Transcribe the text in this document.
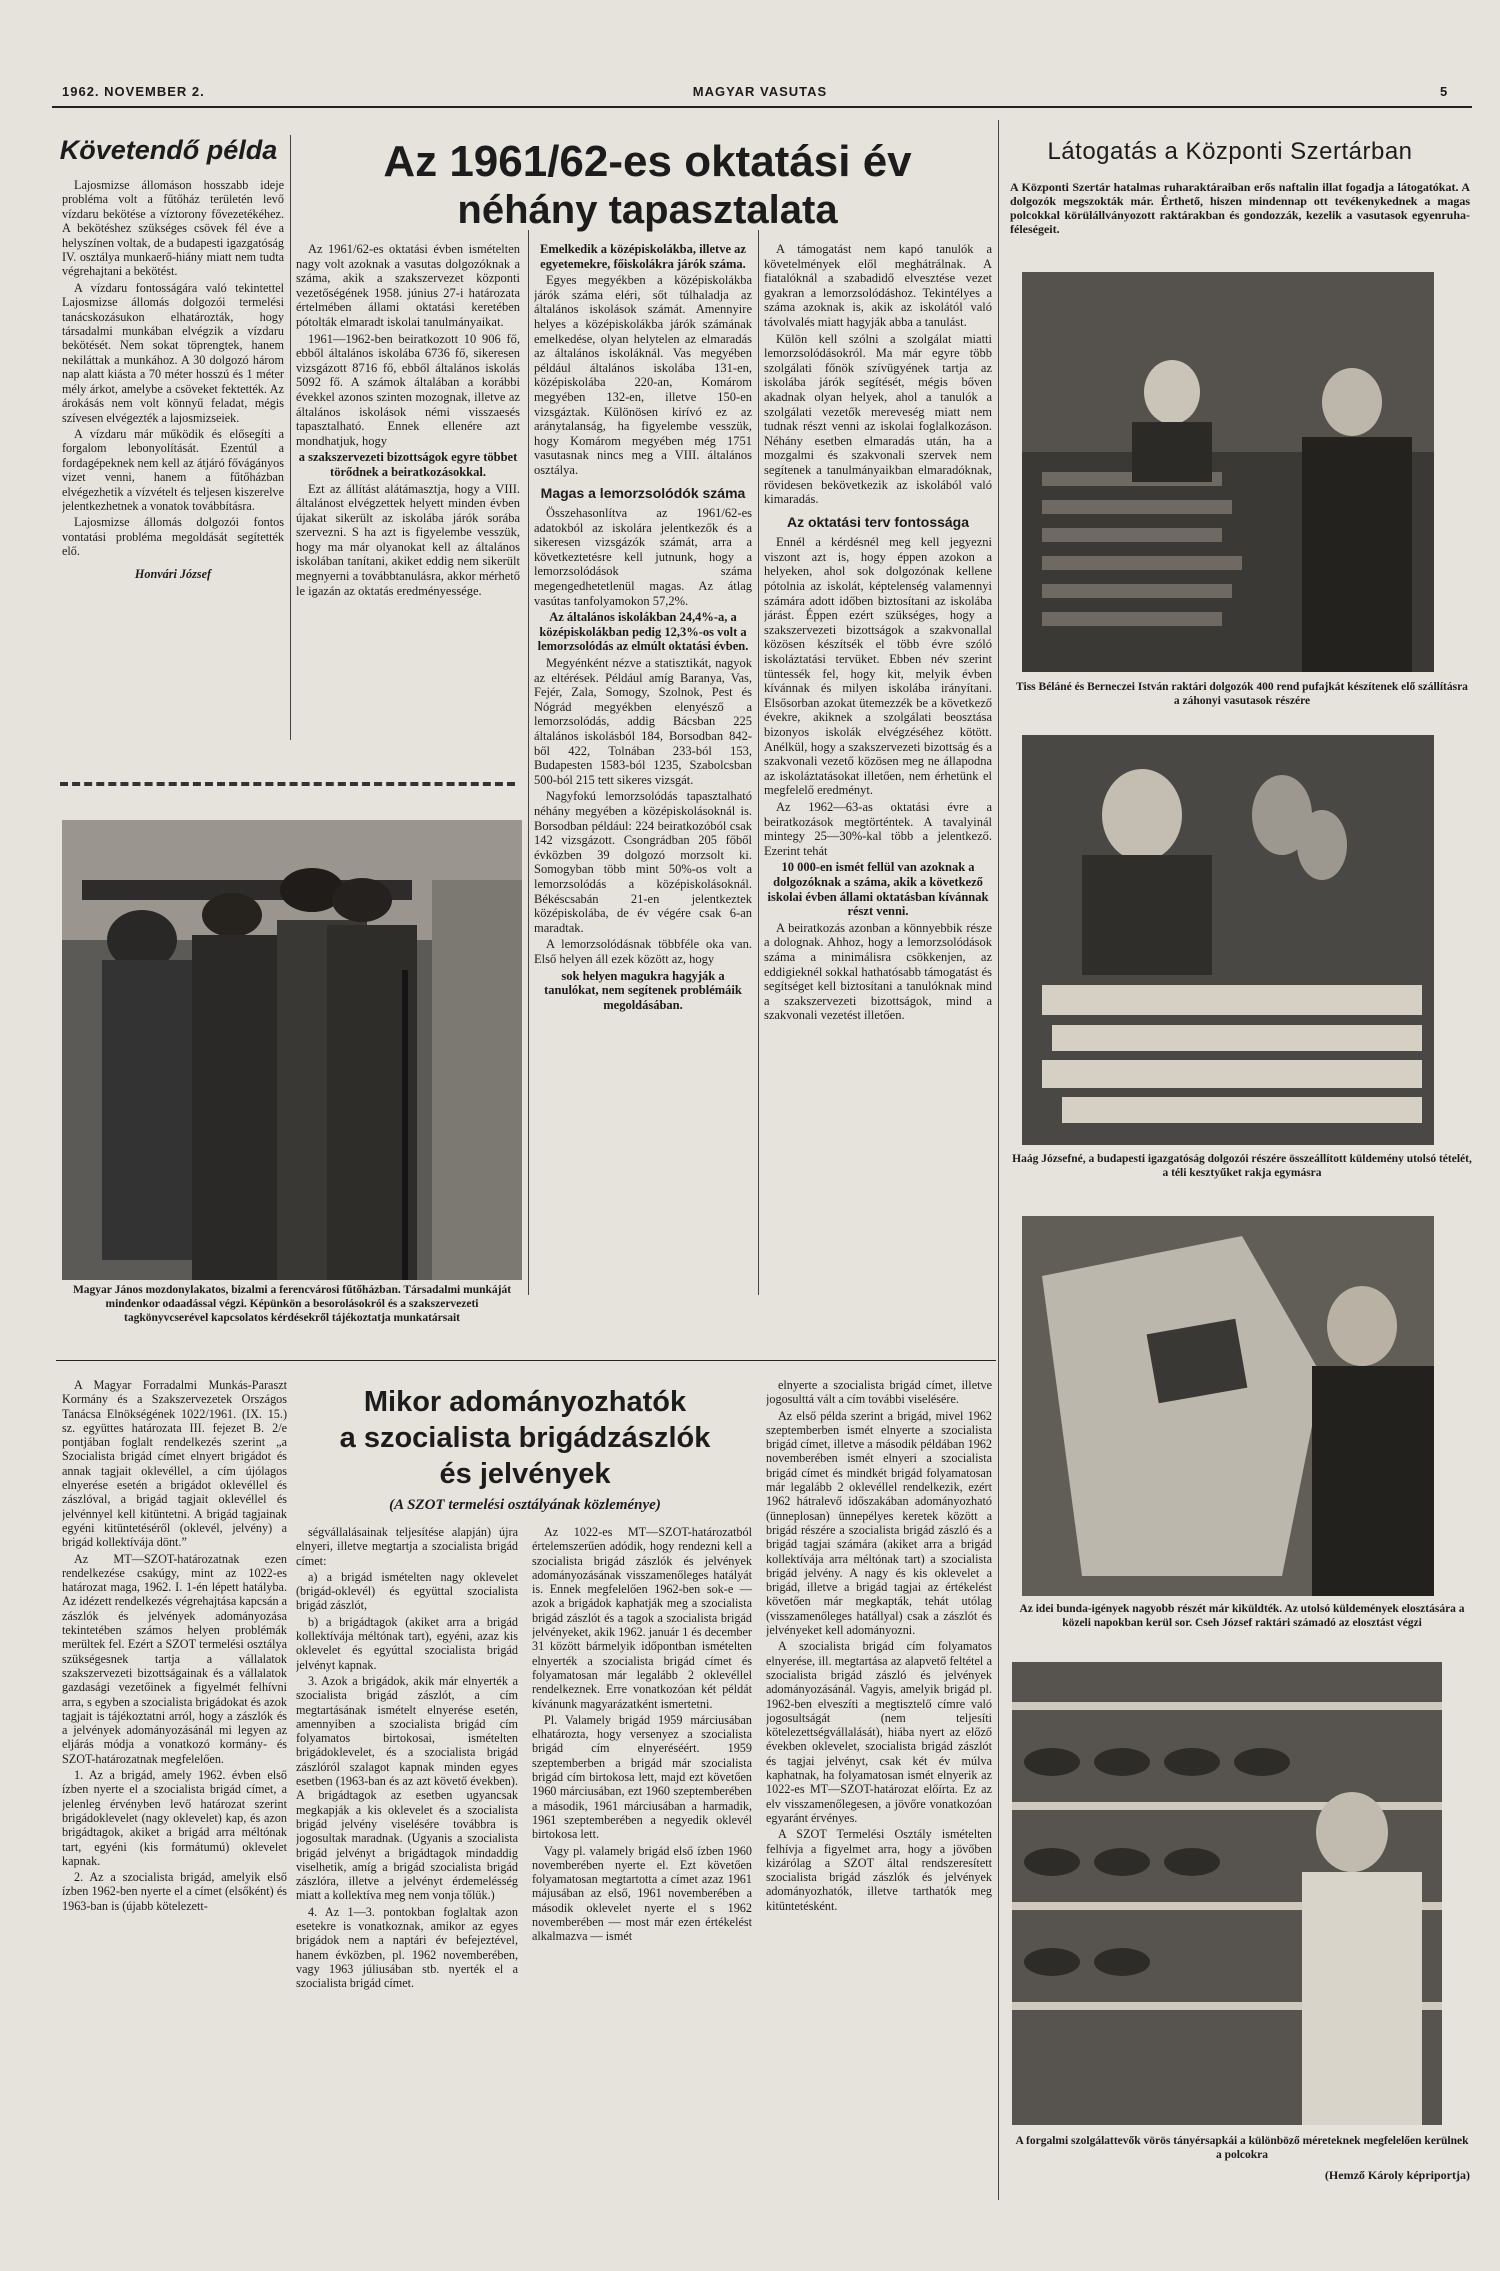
1962. NOVEMBER 2.	MAGYAR VASUTAS	5
Követendő példa

Lajosmizse állomáson hosszabb ideje probléma volt a fűtőház területén levő vízdaru bekötése a víztorony fővezetékéhez. A bekötéshez szükséges csövek fél éve a helyszínen voltak, de a budapesti igazgatóság IV. osztálya munkaerő-hiány miatt nem tudta végrehajtani a bekötést.

A vízdaru fontosságára való tekintettel Lajosmizse állomás dolgozói termelési tanácskozásukon elhatározták, hogy társadalmi munkában elvégzik a vízdaru bekötését. Nem sokat töprengtek, hanem nekiláttak a munkához. A 30 dolgozó három nap alatt kiásta a 70 méter hosszú és 1 méter mély árkot, amelybe a csöveket fektették. Az árokásás nem volt könnyű feladat, mégis szívesen elvégezték a lajosmizseiek.

A vízdaru már működik és elősegíti a forgalom lebonyolítását. Ezentúl a fordagépeknek nem kell az átjáró fővágányos vizet venni, hanem a fűtőházban elvégezhetik a vízvételt és teljesen kiszerelve jelentkezhetnek a vonatok továbbításra.

Lajosmizse állomás dolgozói fontos vontatási probléma megoldását segítették elő.

Honvári József

Magyar János mozdonylakatos, bizalmi a ferencvárosi fűtőházban. Társadalmi munkáját mindenkor odaadással végzi. Képünkön a besorolásokról és a szakszervezeti tagkönyvcserével kapcsolatos kérdésekről tájékoztatja munkatársait
Az 1961/62-es oktatási év
néhány tapasztalata

Az 1961/62-es oktatási évben ismételten nagy volt azoknak a vasutas dolgozóknak a száma, akik a szakszervezet központi vezetőségének 1958. június 27-i határozata értelmében állami oktatási keretében pótolták elmaradt iskolai tanulmányaikat.

1961—1962-ben beiratkozott 10 906 fő, ebből általános iskolába 6736 fő, sikeresen vizsgázott 8716 fő, ebből általános iskolás 5092 fő. A számok általában a korábbi évekkel azonos szinten mozognak, illetve az általános iskolások némi visszaesés tapasztalható. Ennek ellenére azt mondhatjuk, hogy

a szakszervezeti bizottságok egyre többet törődnek a beiratkozásokkal.

Ezt az állítást alátámasztja, hogy a VIII. általánost elvégzettek helyett minden évben újakat sikerült az iskolába járók sorába szervezni. S ha azt is figyelembe vesszük, hogy ma már olyanokat kell az általános iskolában tanítani, akiket eddig nem sikerült megnyerni a továbbtanulásra, akkor mérhető le igazán az oktatás eredményessége.

Emelkedik a középiskolákba, illetve az egyetemekre, főiskolákra járók száma.

Egyes megyékben a középiskolákba járók száma eléri, sőt túlhaladja az általános iskolások számát. Amennyire helyes a középiskolákba járók számának emelkedése, olyan helytelen az elmaradás az általános iskoláknál. Vas megyében például általános iskolába 131-en, középiskolába 220-an, Komárom megyében 132-en, illetve 150-en vizsgáztak. Különösen kirívó ez az aránytalanság, ha figyelembe vesszük, hogy Komárom megyében még 1751 vasutasnak nincs meg a VIII. általános osztálya.

Magas a lemorzsolódók száma

Összehasonlítva az 1961/62-es adatokból az iskolára jelentkezők és a sikeresen vizsgázók számát, arra a következtetésre kell jutnunk, hogy a lemorzsolódások száma megengedhetetlenül magas. Az átlag vasútas tanfolyamokon 57,2%.

Az általános iskolákban 24,4%-a, a középiskolákban pedig 12,3%-os volt a lemorzsolódás az elmúlt oktatási évben.

Megyénként nézve a statisztikát, nagyok az eltérések. Például amíg Baranya, Vas, Fejér, Zala, Somogy, Szolnok, Pest és Nógrád megyékben elenyésző a lemorzsolódás, addig Bácsban 225 általános iskolásból 184, Borsodban 842-ből 422, Tolnában 233-ból 153, Budapesten 1583-ból 1235, Szabolcsban 500-ból 215 tett sikeres vizsgát.

Nagyfokú lemorzsolódás tapasztalható néhány megyében a középiskolásoknál is. Borsodban például: 224 beiratkozóból csak 142 vizsgázott. Csongrádban 205 főből évközben 39 dolgozó morzsolt ki. Somogyban több mint 50%-os volt a lemorzsolódás a középiskolásoknál. Békéscsabán 21-en jelentkeztek középiskolába, de év végére csak 6-an maradtak.

A lemorzsolódásnak többféle oka van. Első helyen áll ezek között az, hogy

sok helyen magukra hagyják a tanulókat, nem segítenek problémáik megoldásában.

A támogatást nem kapó tanulók a követelmények elől meghátrálnak. A fiatalóknál a szabadidő elvesztése vezet gyakran a lemorzsolódáshoz. Tekintélyes a száma azoknak is, akik az iskolától való távolvalés miatt hagyják abba a tanulást.

Külön kell szólni a szolgálat miatti lemorzsolódásokról. Ma már egyre több szolgálati főnök szívügyének tartja az iskolába járók segítését, mégis bőven akadnak olyan helyek, ahol a tanulók a szolgálati vezetők mereveség miatt nem tudnak részt venni az iskolai foglalkozáson. Néhány esetben elmaradás után, ha a mozgalmi és szakvonali szervek nem segítenek a tanulmányaikban elmaradóknak, rövidesen bekövetkezik az iskolából való kimaradás.

Az oktatási terv fontossága

Ennél a kérdésnél meg kell jegyezni viszont azt is, hogy éppen azokon a helyeken, ahol sok dolgozónak kellene pótolnia az iskolát, képtelenség valamennyi számára adott időben biztosítani az iskolába járást. Éppen ezért szükséges, hogy a szakszervezeti bizottságok a szakvonallal közösen készítsék el több évre szóló iskoláztatási tervüket. Ebben név szerint tüntessék fel, hogy kit, melyik évben kívánnak és milyen iskolába irányítani. Elsősorban azokat ütemezzék be a következő évekre, akiknek a szolgálati beosztása bizonyos iskolák elvégzéséhez kötött. Anélkül, hogy a szakszervezeti bizottság és a szakvonali vezető közösen meg ne állapodna az iskoláztatásokat illetően, nem érhetünk el megfelelő eredményt.

Az 1962—63-as oktatási évre a beiratkozások megtörténtek. A tavalyinál mintegy 25—30%-kal több a jelentkező. Ezerint tehát

10 000-en ismét fellül van azoknak a dolgozóknak a száma, akik a következő iskolai évben állami oktatásban kívánnak részt venni.

A beiratkozás azonban a könnyebbik része a dolognak. Ahhoz, hogy a lemorzsolódások száma a minimálisra csökkenjen, az eddigieknél sokkal hathatósabb támogatást és segítséget kell biztosítani a tanulóknak mind a szakszervezeti bizottságok, mind a szakvonali vezetést illetően.

Mikor adományozhatók
a szocialista brigádzászlók
és jelvények
(A SZOT termelési osztályának közleménye)

A Magyar Forradalmi Munkás-Paraszt Kormány és a Szakszervezetek Országos Tanácsa Elnökségének 1022/1961. (IX. 15.) sz. együttes határozata III. fejezet B. 2/e pontjában foglalt rendelkezés szerint „a Szocialista brigád címet elnyert brigádot és annak tagjait oklevéllel, a cím újólagos elnyerése esetén a brigádot oklevéllel és zászlóval, a brigád tagjait oklevéllel és jelvénnyel kell kitüntetni. A brigád tagjainak egyéni kitüntetéséről (oklevél, jelvény) a brigád kollektívája dönt.”

Az MT—SZOT-határozatnak ezen rendelkezése csakúgy, mint az 1022-es határozat maga, 1962. I. 1-én lépett hatályba. Az idézett rendelkezés végrehajtása kapcsán a zászlók és jelvények adományozása tekintetében számos helyen problémák merültek fel. Ezért a SZOT termelési osztálya szükségesnek tartja a vállalatok szakszervezeti bizottságainak és a vállalatok gazdasági vezetőinek a figyelmét felhívni arra, s egyben a szocialista brigádokat és azok tagjait is tájékoztatni arról, hogy a zászlók és a jelvények adományozásánál mi legyen az eljárás módja a vonatkozó kormány- és SZOT-határozatnak megfelelően.

1. Az a brigád, amely 1962. évben első ízben nyerte el a szocialista brigád címet, a jelenleg érvényben levő határozat szerint brigádoklevelet (nagy oklevelet) kap, és azon brigádtagok, akiket a brigád arra méltónak tart, egyéni (kis formátumú) oklevelet kapnak.

2. Az a szocialista brigád, amelyik első ízben 1962-ben nyerte el a címet (elsőként) és 1963-ban is (újabb kötelezett-

ségvállalásainak teljesítése alapján) újra elnyeri, illetve megtartja a szocialista brigád címet:

a) a brigád ismételten nagy oklevelet (brigád-oklevél) és együttal szocialista brigád zászlót,

b) a brigádtagok (akiket arra a brigád kollektívája méltónak tart), egyéni, azaz kis oklevelet és egyúttal szocialista brigád jelvényt kapnak.

3. Azok a brigádok, akik már elnyerték a szocialista brigád zászlót, a cím megtartásának ismételt elnyerése esetén, amennyiben a szocialista brigád cím folyamatos birtokosai, ismételten brigádoklevelet, és a szocialista brigád zászlóról szalagot kapnak minden egyes esetben (1963-ban és az azt követő években). A brigádtagok az esetben ugyancsak megkapják a kis oklevelet és a szocialista brigád jelvény viselésére továbbra is jogosultak maradnak. (Ugyanis a szocialista brigád jelvényt a brigádtagok mindaddig viselhetik, amíg a brigád szocialista brigád zászlóra, illetve a jelvényt érdemelésség miatt a kollektíva meg nem vonja tőlük.)

4. Az 1—3. pontokban foglaltak azon esetekre is vonatkoznak, amikor az egyes brigádok nem a naptári év befejeztével, hanem évközben, pl. 1962 novemberében, vagy 1963 júliusában stb. nyerték el a szocialista brigád címet.

Az 1022-es MT—SZOT-határozatból értelemszerűen adódik, hogy rendezni kell a szocialista brigád zászlók és jelvények adományozásának visszamenőleges hatályát is. Ennek megfelelően 1962-ben sok-e — azok a brigádok kaphatják meg a szocialista brigád zászlót és a tagok a szocialista brigád jelvényeket, akik 1962. január 1 és december 31 között bármelyik időpontban ismételten elnyerték a szocialista brigád címet és folyamatosan már legalább 2 oklevéllel rendelkeznek. Erre vonatkozóan két példát kívánunk magyarázatként ismertetni.

Pl. Valamely brigád 1959 márciusában elhatározta, hogy versenyez a szocialista brigád cím elnyeréséért. 1959 szeptemberben a brigád már szocialista brigád cím birtokosa lett, majd ezt követően 1960 márciusában, ezt 1960 szeptemberében a második, 1961 márciusában a harmadik, 1961 szeptemberében a negyedik oklevél birtokosa lett.

Vagy pl. valamely brigád első ízben 1960 novemberében nyerte el. Ezt követően folyamatosan megtartotta a címet azaz 1961 májusában az első, 1961 novemberében a második oklevelet nyerte el s 1962 novemberében — most már ezen értékelést alkalmazva — ismét

elnyerte a szocialista brigád címet, illetve jogosulttá vált a cím további viselésére.

Az első példa szerint a brigád, mivel 1962 szeptemberben ismét elnyerte a szocialista brigád címet, illetve a második példában 1962 novemberében ismét elnyeri a szocialista brigád címet és mindkét brigád folyamatosan már legalább 2 oklevéllel rendelkezik, ezért 1962 hátralevő időszakában adományozható (ünneplosan) ünnepélyes keretek között a brigád részére a szocialista brigád zászló és a brigád tagjai számára (akiket arra a brigád kollektívája arra méltónak tart) a szocialista brigád jelvény. A nagy és kis oklevelet a brigád, illetve a brigád tagjai az értékelést követően már megkapták, tehát utólag (visszamenőleges hatállyal) csak a zászlót és jelvényeket kell adományozni.

A szocialista brigád cím folyamatos elnyerése, ill. megtartása az alapvető feltétel a szocialista brigád zászló és jelvények adományozásánál. Vagyis, amelyik brigád pl. 1962-ben elveszíti a megtisztelő címre való jogosultságát (nem teljesíti kötelezettségvállalását), hiába nyert az előző években oklevelet, szocialista brigád zászlót és tagjai jelvényt, csak két év múlva kaphatnak, ha folyamatosan ismét elnyerik az 1022-es MT—SZOT-határozat előírta. Ez az elv visszamenőlegesen, a jövőre vonatkozóan egyaránt érvényes.

A SZOT Termelési Osztály ismételten felhívja a figyelmet arra, hogy a jövőben kizárólag a SZOT által rendszeresített szocialista brigád zászlók és jelvények adományozhatók, illetve tarthatók meg kitüntetésként.

Látogatás a Központi Szertárban
A Központi Szertár hatalmas ruharaktáraiban erős naftalin illat fogadja a látogatókat. A dolgozók megszokták már. Érthető, hiszen mindennap ott tevékenykednek a magas polcokkal körülállványozott raktárakban és gondozzák, kezelik a vasutasok egyenruha-féleségeit.
Tiss Béláné és Berneczei István raktári dolgozók 400 rend pufajkát készítenek elő szállításra a záhonyi vasutasok részére
Haág Józsefné, a budapesti igazgatóság dolgozói részére összeállított küldemény utolsó tételét, a téli kesztyűket rakja egymásra
Az idei bunda-igények nagyobb részét már kiküldték. Az utolsó küldemények elosztására a közeli napokban kerül sor. Cseh József raktári számadó az elosztást végzi
A forgalmi szolgálattevők vörös tányérsapkái a különböző méreteknek megfelelően kerülnek a polcokra
(Hemző Károly képriportja)
